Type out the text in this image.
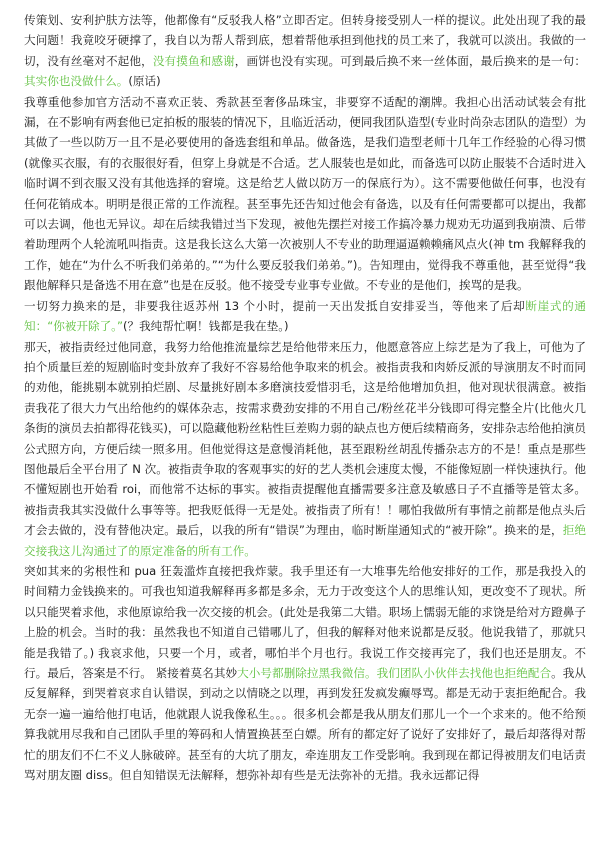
传策划、安利护肤方法等，他都像有“反驳我人格”立即否定。但转身接受别人一样的提议。此处出现了我的最大问题！我竟咬牙硬撑了，我自以为帮人帮到底，想着帮他承担到他找的员工来了，我就可以淡出。我做的一切，没有丝毫对不起他，没有摸鱼和感谢，画饼也没有实现。可到最后换不来一丝体面，最后换来的是一句：其实你也没做什么。(原话)

我尊重他参加官方活动不喜欢正装、秀款甚至奢侈品珠宝，非要穿不适配的潮牌。我担心出活动试装会有批漏，在不影响有两套他已定拍板的服装的情况下，且临近活动，便同我团队造型(专业时尚杂志团队的造型）为其做了一些以防万一且不是必要使用的备选套组和单品。做备选，是我们造型老师十几年工作经验的心得习惯(就像买衣服，有的衣服很好看，但穿上身就是不合适。艺人服装也是如此，而备选可以防止服装不合适时进入临时调不到衣服又没有其他选择的窘境。这是给艺人做以防万一的保底行为）。这不需要他做任何事，也没有任何花销成本。明明是很正常的工作流程。甚至事先还告知过他会有备选，以及有任何需要都可以提出，我都可以去调，他也无异议。却在后续我错过当下发现，被他先摆拦对接工作搞冷暴力规劝无功逼到我崩溃、后带着助理两个人轮流吼叫指责。这是我长这么大第一次被别人不专业的助理逼逼赖赖痛风点火(神 tm 我解释我的工作，她在“为什么不听我们弟弟的。”“为什么要反驳我们弟弟。”)。告知理由，觉得我不尊重他，甚至觉得“我跟他解释只是备选不用在意”也是在反驳。他不接受专业事专业做。不专业的是他们，挨骂的是我。

一切努力换来的是，非要我往返苏州 13 个小时，提前一天出发抵自安排妥当，等他来了后却断崖式的通知：“你被开除了。”(？我纯帮忙啊！钱都是我在垫。)

那天，被指责经过他同意，我努力给他推流量综艺是给他带来压力，他愿意答应上综艺是为了我上，可他为了拍个质量巨差的短剧临时变卦放弃了我好不容易给他争取来的机会。被指责我和肉娇反派的导演朋友不时而同的劝他，能挑剔本就别拍烂剧、尽量挑好剧本多磨演技爱惜羽毛，这是给他增加负担，他对现状很满意。被指责我花了很大力气出给他约的媒体杂志，按需求费劲安排的不用自己/粉丝花半分钱即可得完整全片(比他火几条街的演员去拍都得花钱买)，可以隐藏他粉丝粘性巨差购力弱的缺点也方便后续精商务，安排杂志给他拍演员公式照方向，方便后续一照多用。但他觉得这是意慢消耗他，甚至跟粉丝胡乱传播杂志方的不是！重点是那些图他最后全平台用了 N 次。被指责争取的客观事实的好的艺人类机会速度太慢，不能像短剧一样快速执行。他不懂短剧也开始看 roi，而他常不达标的事实。被指责提醒他直播需要多注意及敏感日子不直播等是管太多。被指责我其实没做什么事等等。把我贬低得一无是处。被指责了所有！！哪怕我做所有事情之前都是他点头后才会去做的，没有替他决定。最后，以我的所有“错误”为理由，临时断崖通知式的“被开除”。换来的是，拒绝交接我这儿沟通过了的原定准备的所有工作。

突如其来的劣根性和 pua 狂轰滥炸直接把我炸蒙。我手里还有一大堆事先给他安排好的工作，那是我投入的时间精力金钱换来的。可我也知道我解释再多都是多余，无力于改变这个人的思维认知，更改变不了现状。所以只能哭着求他，求他原谅给我一次交接的机会。(此处是我第二大错。职场上懦弱无能的求饶是给对方蹬鼻子上脸的机会。当时的我：虽然我也不知道自己错哪儿了，但我的解释对他来说都是反驳。他说我错了，那就只能是我错了。) 我哀求他，只要一个月，或者，哪怕半个月也行。我说工作交接再完了，我们也还是朋友。不行。最后，答案是不行。 紧接着莫名其妙大小号都删除拉黑我微信。我们团队小伙伴去找他也拒绝配合。我从反复解释，到哭着哀求自认错误，到动之以情晓之以理，再到发狂发疯发癫辱骂。都是无动于衷拒绝配合。我无奈一遍一遍给他打电话，他就跟人说我像私生。。。很多机会都是我从朋友们那儿一个一个求来的。他不给预算我就用尽我和自己团队手里的筹码和人情置换甚至白嫖。所有的都定好了说好了安排好了，最后却落得对帮忙的朋友们不仁不义人脉破碎。甚至有的大坑了朋友，牵连朋友工作受影响。我到现在都记得被朋友们电话责骂对朋友圈 diss。但自知错误无法解释，想弥补却有些是无法弥补的无措。我永远都记得
